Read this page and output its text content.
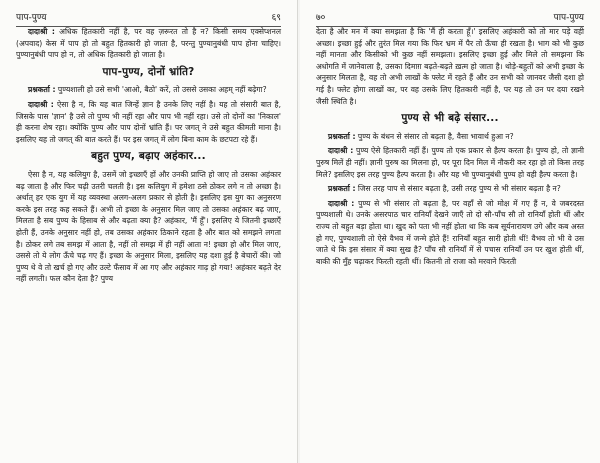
पाप-पुण्य	६९

दादाश्री : अधिक हितकारी नहीं है, पर वह ज़रूरत तो है न? किसी समय एक्सेप्शनल (अपवाद) केस में पाप हो तो बहुत हितकारी हो जाता है, परन्तु पुण्यानुबंधी पाप होना चाहिए। पुण्यानुबंधी पाप हो न, तो अधिक हितकारी हो जाता है।

पाप-पुण्य, दोनों भ्रांति?

प्रश्नकर्ता : पुण्यशाली हो उसे सभी 'आओ, बैठो' करें, तो उससे उसका अहम् नहीं बढ़ेगा?

दादाश्री : ऐसा है न, कि यह बात जिन्हें ज्ञान है उनके लिए नहीं है। यह तो संसारी बात है, जिसके पास 'ज्ञान' है उसे तो पुण्य भी नहीं रहा और पाप भी नहीं रहा। उसे तो दोनों का 'निकाल' ही करना शेष रहा। क्योंकि पुण्य और पाप दोनों भ्रांति हैं। पर जगत् ने उसे बहुत कीमती माना है। इसलिए यह तो जगत् की बात करते हैं। पर इस जगत् में लोग बिना काम के छटपटा रहे हैं।

बहुत पुण्य, बढ़ाए अहंकार...

ऐसा है न, यह कलियुग है, उसमें जो इच्छाएँ हों और उनकी प्राप्ति हो जाए तो उसका अहंकार बढ़ जाता है और फिर चढ़ी उतरी चलती है। इस कलियुग में हमेशा ठसे ठोकर लगे न तो अच्छा है। अर्थात् हर एक युग में यह व्यवस्था अलग-अलग प्रकार से होती है। इसलिए इस युग का अनुसरण करके इस तरह कह सकते हैं। अभी तो इच्छा के अनुसार मिल जाए तो उसका अहंकार बढ़ जाए, मिलता है सब पुण्य के हिसाब से और बढ़ता क्या है? अहंकार, 'मैं हूँ'। इसलिए ये जितनी इच्छाएँ होती हैं, उनके अनुसार नहीं हो, तब उसका अहंकार ठिकाने रहता है और बात को समझने लगता है। ठोकर लगे तब समझ में आता है, नहीं तो समझ में ही नहीं आता न! इच्छा हो और मिल जाए, उससे तो ये लोग ऊँचे चढ़ गए हैं। इच्छा के अनुसार मिला, इसलिए यह दशा हुई है बेचारों की। जो पुण्य थे वे तो खर्च हो गए और उल्टे फँसाव में आ गए और अहंकार गाढ़ हो गया! अहंकार बढ़ते देर नहीं लगती। फल कौन देता है? पुण्य

७०	पाप-पुण्य

देता है और मन में क्या समझता है कि 'मैं ही करता हूँ।' इसलिए अहंकारी को तो मार पड़े वही अच्छा। इच्छा हुई और तुरंत मिल गया कि फिर भ्रम में पैर तो ऊँचा ही रखता है। भाग को भी कुछ नहीं मानता और किसीको भी कुछ नहीं समझता। इसलिए इच्छा हुई और मिले तो समझना कि अधोगति में जानेवाला है, उसका दिमाग़ बढ़ते-बढ़ते ख़त्म हो जाता है। थोड़े-बहुतों को अभी इच्छा के अनुसार मिलता है, वह तो अभी लाखों के फ्लेट में रहते हैं और उन सभी को जानवर जैसी दशा हो गई है। फ्लेट होगा लाखों का, पर वह उसके लिए हितकारी नहीं है, पर यह तो उन पर दया रखने जैसी स्थिति है।

पुण्य से भी बढ़े संसार...

प्रश्नकर्ता : पुण्य के बंधन से संसार तो बढ़ता है, वैसा भावार्थ हुआ न?

दादाश्री : पुण्य ऐसे हितकारी नहीं हैं। पुण्य तो एक प्रकार से हैल्प करता है। पुण्य हो, तो ज्ञानी पुरुष मिलें ही नहीं। ज्ञानी पुरुष का मिलना हो, पर पूरा दिन मिल में नौकरी कर रहा हो तो किस तरह मिले? इसलिए इस तरह पुण्य हैल्प करता है। और यह भी पुण्यानुबंधी पुण्य हो वही हैल्प करता है।

प्रश्नकर्ता : जिस तरह पाप से संसार बढ़ता है, उसी तरह पुण्य से भी संसार बढ़ता है न?

दादाश्री : पुण्य से भी संसार तो बढ़ता है, पर वहाँ से जो मोक्ष में गए हैं न, वे जबरदस्त पुण्यशाली थे। उनके असरपाठ चार रानियाँ देखने जाएँ तो दो सौ-पाँच सौ तो रानियाँ होती थीं और राज्य तो बहुत बड़ा होता था। खुद को पता भी नहीं होता था कि कब सूर्यनारायण उगे और कब अस्त हो गए, पुण्यशाली तो ऐसे वैभव में जन्मे होते हैं! रानियाँ बहुत सारी होती थीं! वैभव तो भी वे उस जाते थे कि इस संसार में क्या सुख है? पाँच सौ रानियाँ में से पचास रानियाँ उन पर खुश होती थीं, बाकी की मुँह चढ़ाकर फिरती रहती थीं। कितनी तो राजा को मरवाने फिरती
